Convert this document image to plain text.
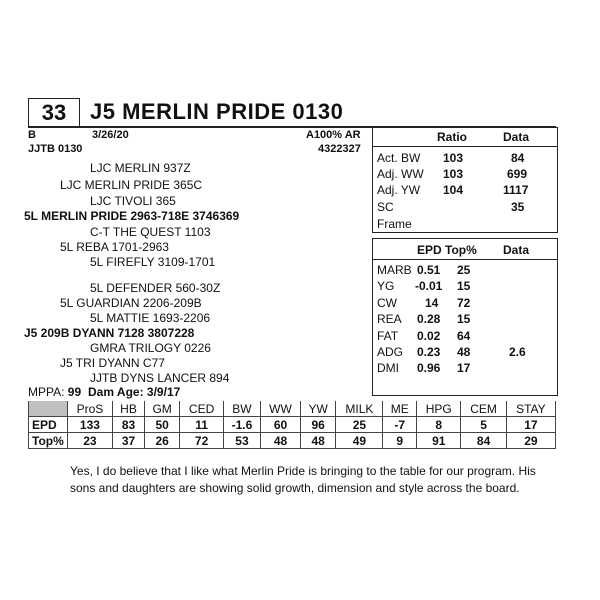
33	J5 MERLIN PRIDE 0130
B	3/26/20	A100% AR
JJTB 0130	4322327
LJC MERLIN 937Z
LJC MERLIN PRIDE 365C
LJC TIVOLI 365
5L MERLIN PRIDE 2963-718E 3746369
C-T THE QUEST 1103
5L REBA 1701-2963
5L FIREFLY 3109-1701
5L DEFENDER 560-30Z
5L GUARDIAN 2206-209B
5L MATTIE 1693-2206
J5 209B DYANN 7128 3807228
GMRA TRILOGY 0226
J5 TRI DYANN C77
JJTB DYNS LANCER 894
MPPA: 99 Dam Age: 3/9/17
Ratio	Data
Act. BW 103	84
Adj. WW 103	699
Adj. YW 104	1117
SC	35
Frame
EPD Top% Data
MARB 0.51 25
YG -0.01 15
CW 14 72
REA 0.28 15
FAT 0.02 64
ADG 0.23 48	2.6
DMI 0.96 17
	ProS	HB	GM	CED	BW	WW	YW	MILK	ME	HPG	CEM	STAY
EPD	133	83	50	11	-1.6	60	96	25	-7	8	5	17
Top%	23	37	26	72	53	48	48	49	9	91	84	29
Yes, I do believe that I like what Merlin Pride is bringing to the table for our program. His sons and daughters are showing solid growth, dimension and style across the board.
